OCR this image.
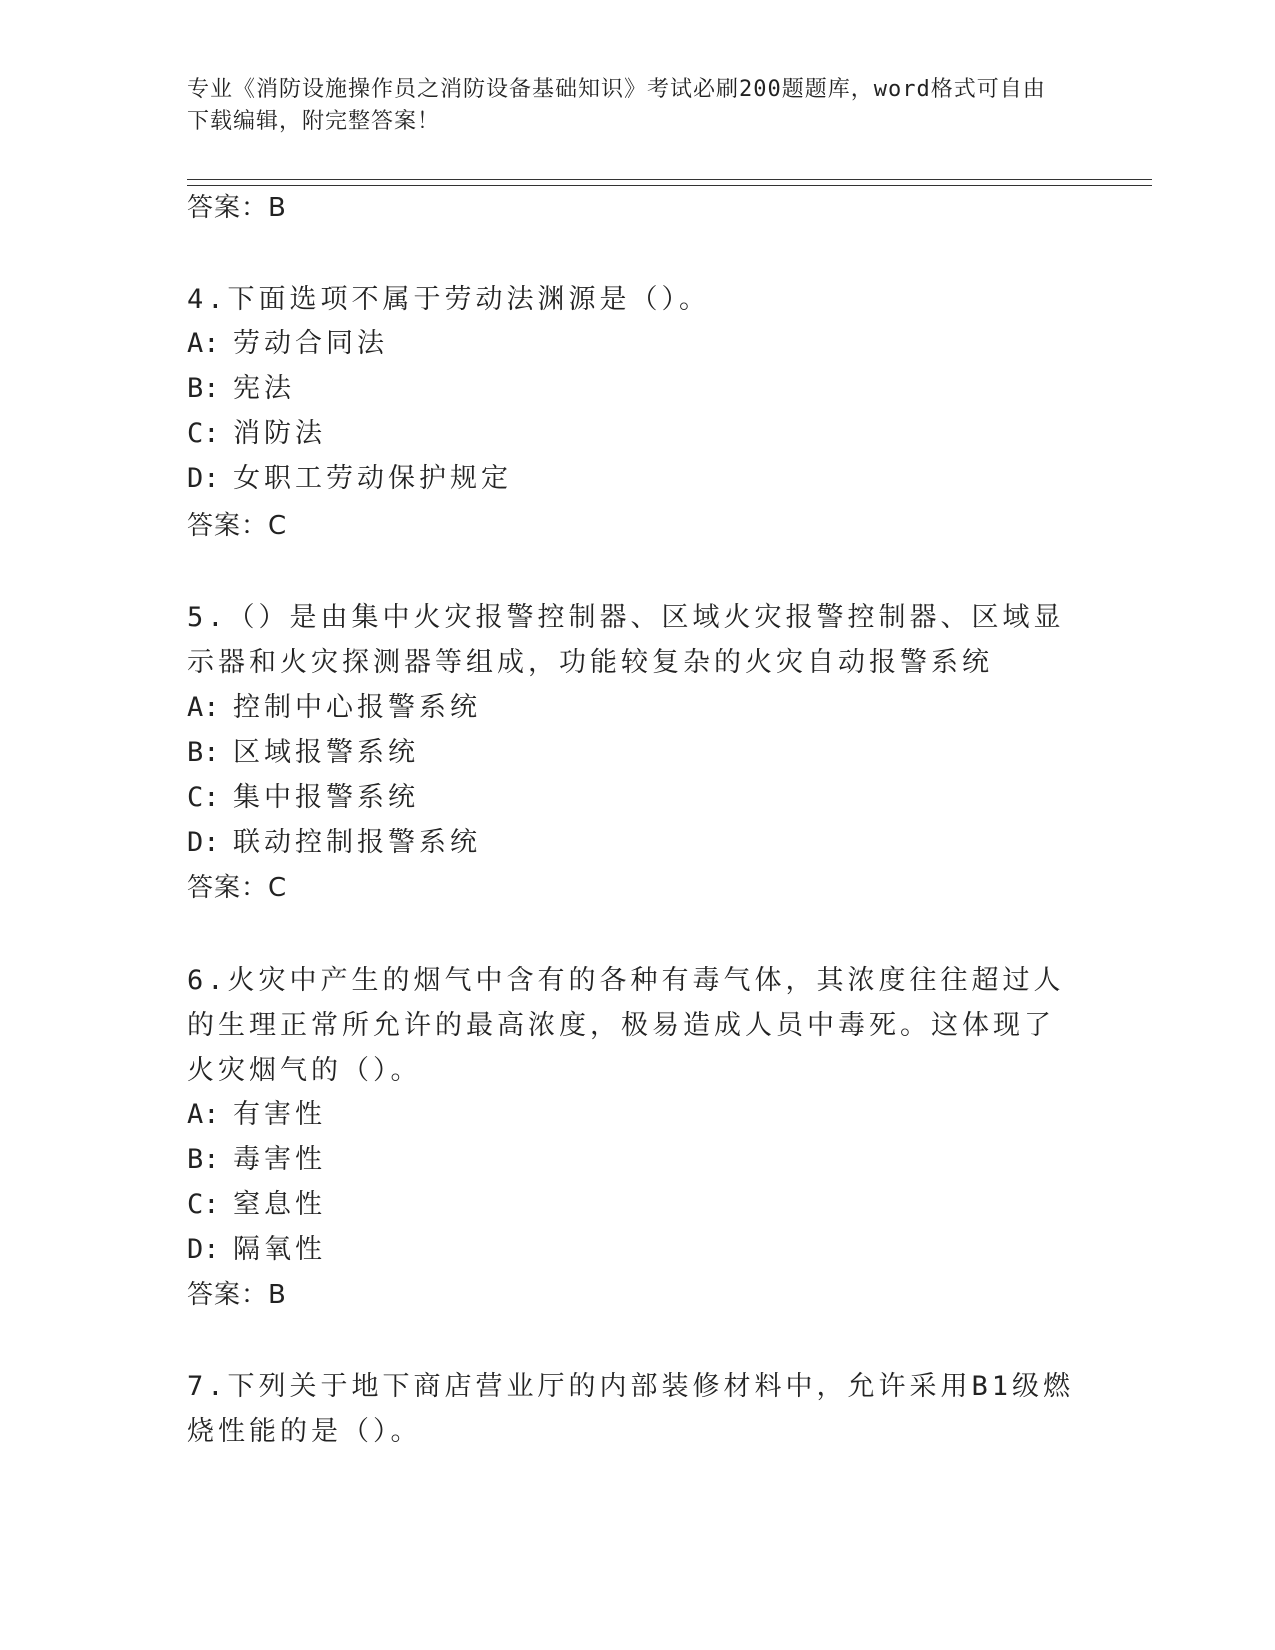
专业《消防设施操作员之消防设备基础知识》考试必刷200题题库，word格式可自由下载编辑，附完整答案！
答案：B
4.下面选项不属于劳动法渊源是（）。
A: 劳动合同法
B: 宪法
C: 消防法
D: 女职工劳动保护规定
答案：C
5.（）是由集中火灾报警控制器、区域火灾报警控制器、区域显示器和火灾探测器等组成，功能较复杂的火灾自动报警系统
A: 控制中心报警系统
B: 区域报警系统
C: 集中报警系统
D: 联动控制报警系统
答案：C
6.火灾中产生的烟气中含有的各种有毒气体，其浓度往往超过人的生理正常所允许的最高浓度，极易造成人员中毒死。这体现了火灾烟气的（）。
A: 有害性
B: 毒害性
C: 窒息性
D: 隔氧性
答案：B
7.下列关于地下商店营业厅的内部装修材料中，允许采用B1级燃烧性能的是（）。
